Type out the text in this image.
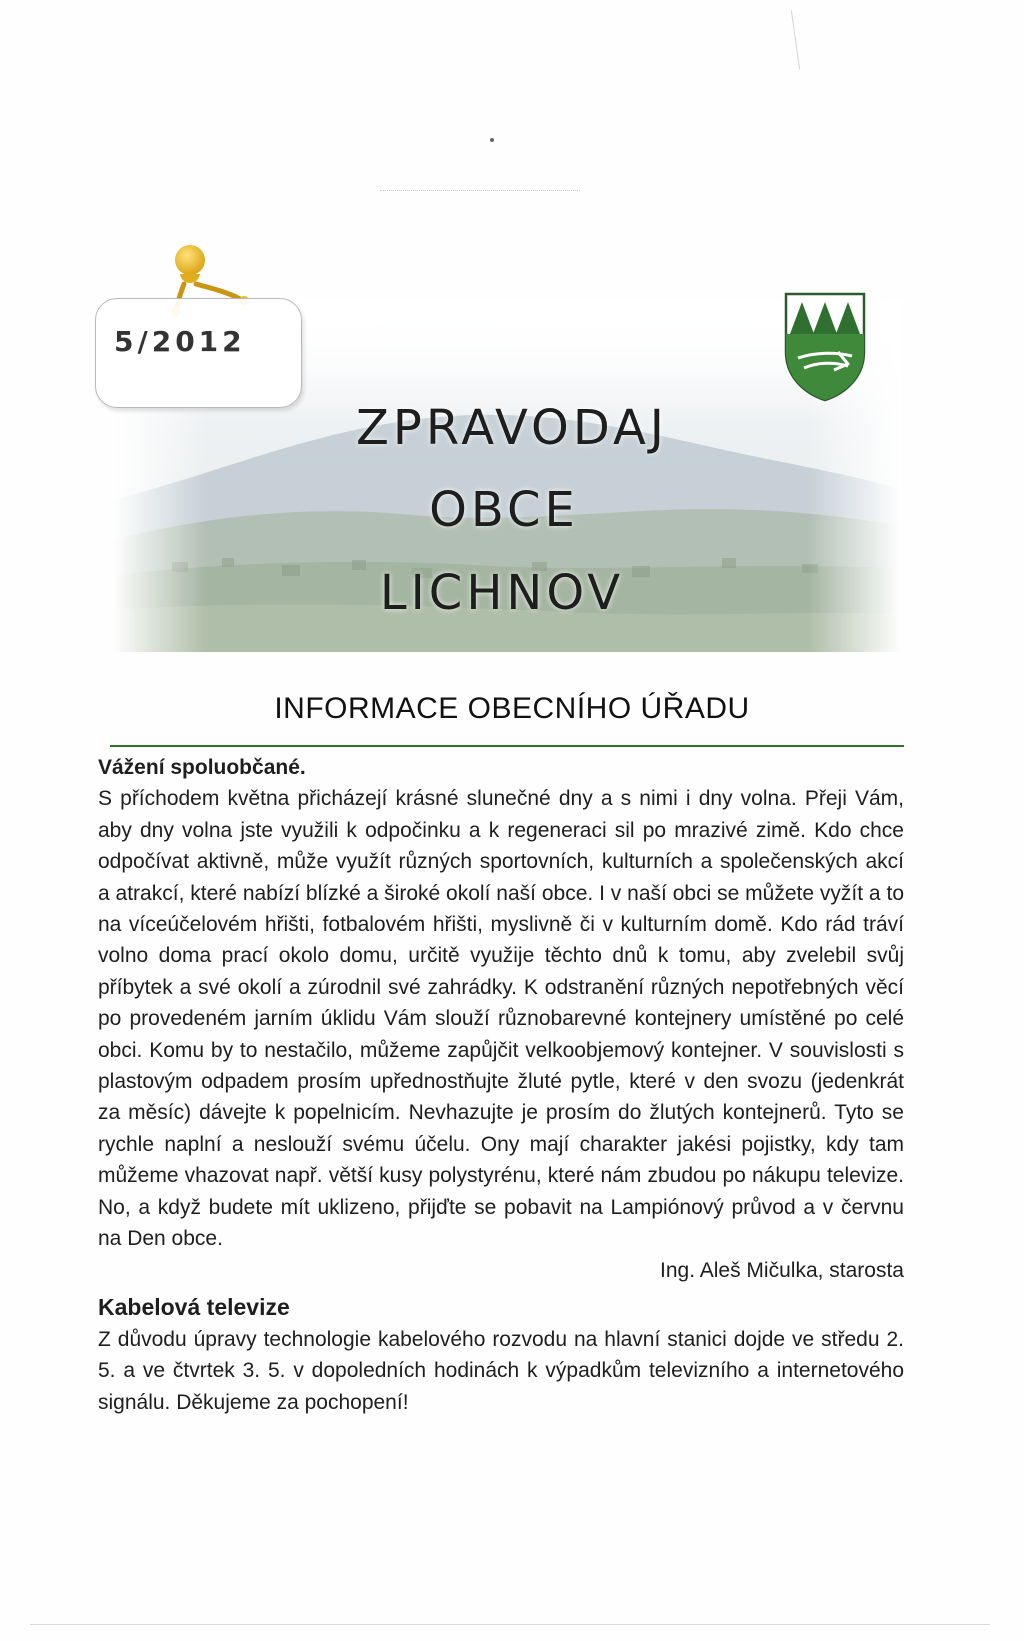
5/2012
ZPRAVODAJ
OBCE
LICHNOV
INFORMACE OBECNÍHO ÚŘADU

Vážení spoluobčané.

S příchodem května přicházejí krásné slunečné dny a s nimi i dny volna. Přeji Vám, aby dny volna jste využili k odpočinku a k regeneraci sil po mrazivé zimě. Kdo chce odpočívat aktivně, může využít různých sportovních, kulturních a společenských akcí a atrakcí, které nabízí blízké a široké okolí naší obce. I v naší obci se můžete vyžít a to na víceúčelovém hřišti, fotbalovém hřišti, myslivně či v kulturním domě. Kdo rád tráví volno doma prací okolo domu, určitě využije těchto dnů k tomu, aby zvelebil svůj příbytek a své okolí a zúrodnil své zahrádky. K odstranění různých nepotřebných věcí po provedeném jarním úklidu Vám slouží různobarevné kontejnery umístěné po celé obci. Komu by to nestačilo, můžeme zapůjčit velkoobjemový kontejner. V souvislosti s plastovým odpadem prosím upřednostňujte žluté pytle, které v den svozu (jedenkrát za měsíc) dávejte k popelnicím. Nevhazujte je prosím do žlutých kontejnerů. Tyto se rychle naplní a neslouží svému účelu. Ony mají charakter jakési pojistky, kdy tam můžeme vhazovat např. větší kusy polystyrénu, které nám zbudou po nákupu televize. No, a když budete mít uklizeno, přijďte se pobavit na Lampiónový průvod a v červnu na Den obce.

Ing. Aleš Mičulka, starosta

Kabelová televize

Z důvodu úpravy technologie kabelového rozvodu na hlavní stanici dojde ve středu 2. 5. a ve čtvrtek 3. 5. v dopoledních hodinách k výpadkům televizního a internetového signálu. Děkujeme za pochopení!
